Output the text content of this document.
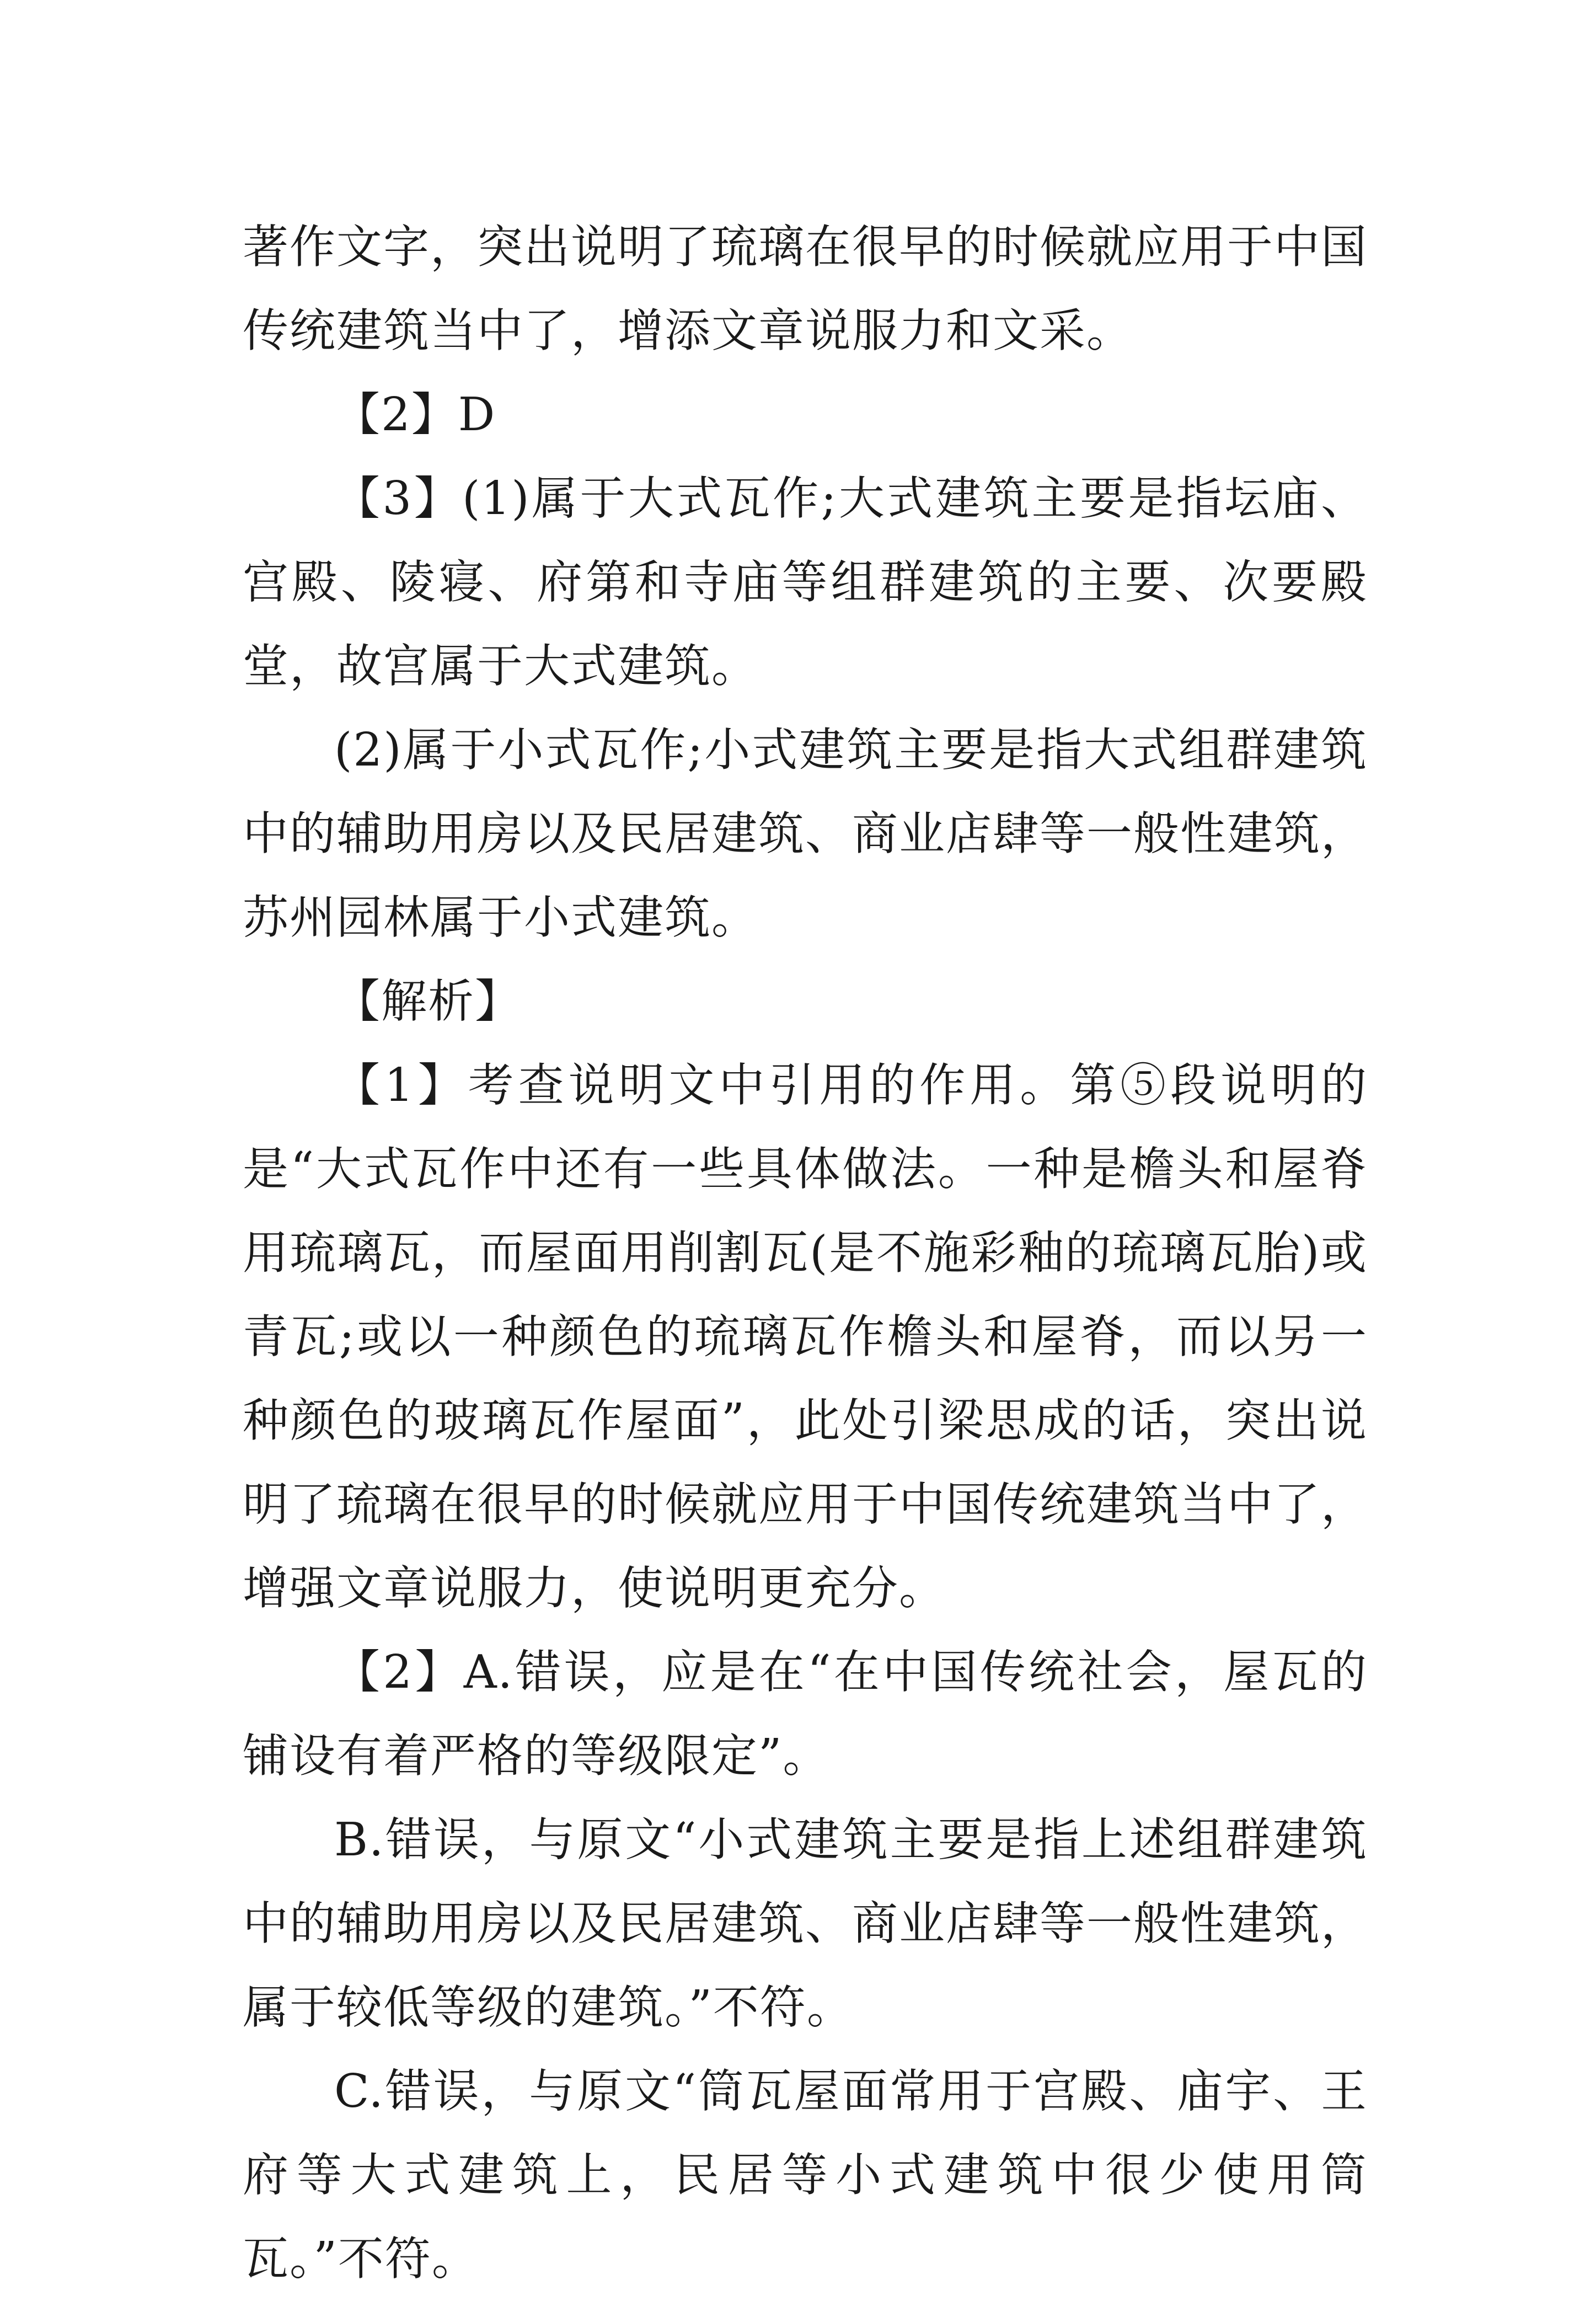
著作文字，突出说明了琉璃在很早的时候就应用于中国传统建筑当中了，增添文章说服力和文采。

【2】D

【3】(1)属于大式瓦作;大式建筑主要是指坛庙、宫殿、陵寝、府第和寺庙等组群建筑的主要、次要殿堂，故宫属于大式建筑。

(2)属于小式瓦作;小式建筑主要是指大式组群建筑中的辅助用房以及民居建筑、商业店肆等一般性建筑，苏州园林属于小式建筑。

【解析】

【1】考查说明文中引用的作用。第⑤段说明的是“大式瓦作中还有一些具体做法。一种是檐头和屋脊用琉璃瓦，而屋面用削割瓦(是不施彩釉的琉璃瓦胎)或青瓦;或以一种颜色的琉璃瓦作檐头和屋脊，而以另一种颜色的玻璃瓦作屋面”，此处引梁思成的话，突出说明了琉璃在很早的时候就应用于中国传统建筑当中了，增强文章说服力，使说明更充分。

【2】A.错误，应是在“在中国传统社会，屋瓦的铺设有着严格的等级限定”。

B.错误，与原文“小式建筑主要是指上述组群建筑中的辅助用房以及民居建筑、商业店肆等一般性建筑，属于较低等级的建筑。”不符。

C.错误，与原文“筒瓦屋面常用于宫殿、庙宇、王府等大式建筑上，民居等小式建筑中很少使用筒瓦。”不符。
